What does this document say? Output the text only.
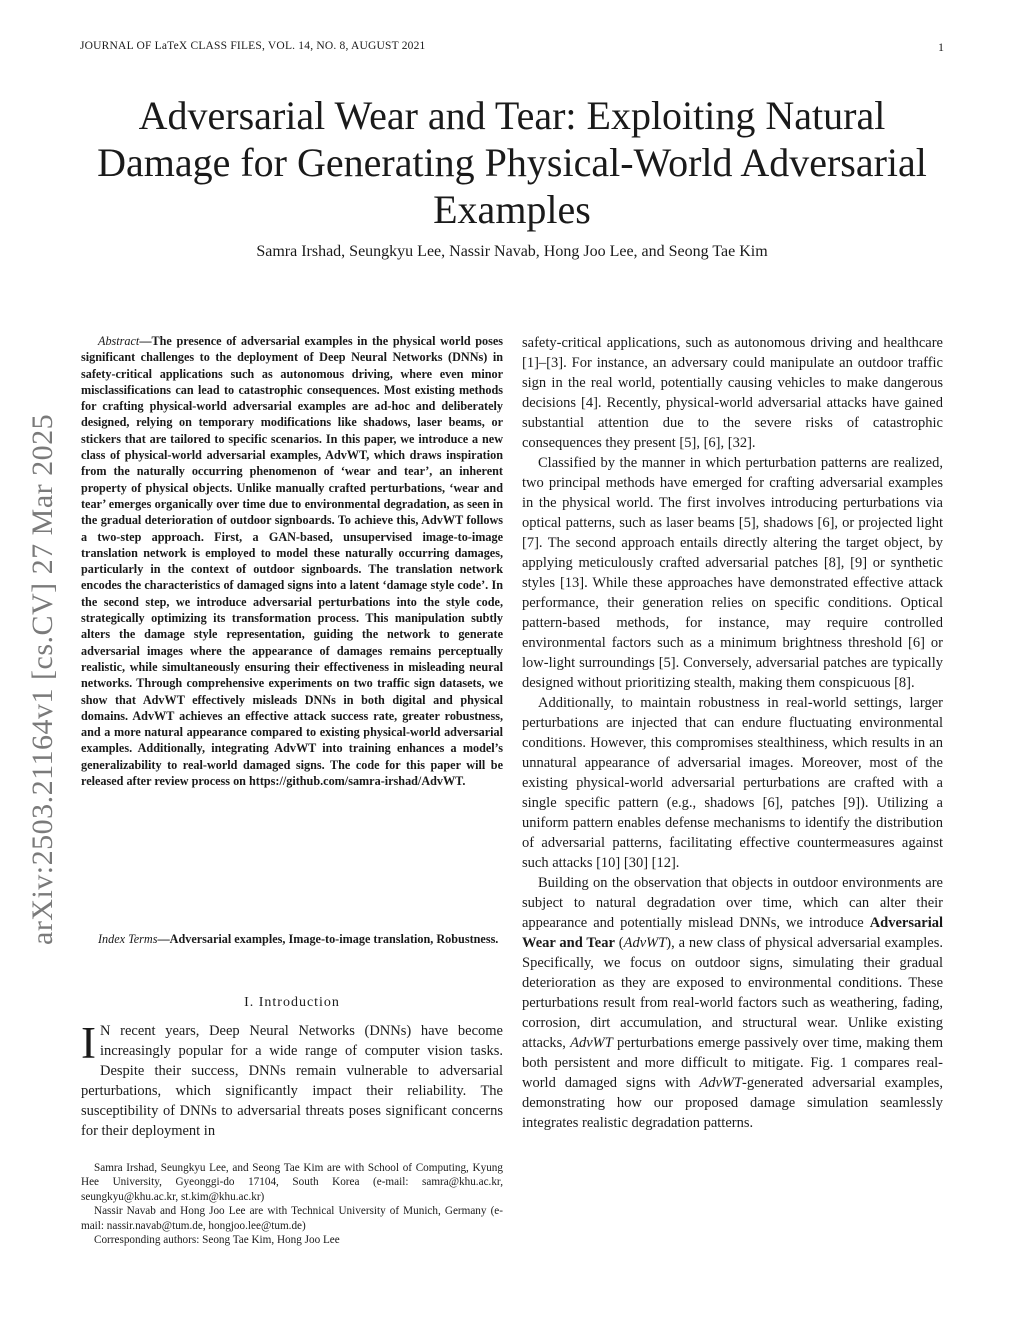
JOURNAL OF LaTeX CLASS FILES, VOL. 14, NO. 8, AUGUST 2021	1
arXiv:2503.21164v1 [cs.CV] 27 Mar 2025
Adversarial Wear and Tear: Exploiting Natural Damage for Generating Physical-World Adversarial Examples
Samra Irshad, Seungkyu Lee, Nassir Navab, Hong Joo Lee, and Seong Tae Kim

Abstract—The presence of adversarial examples in the physical world poses significant challenges to the deployment of Deep Neural Networks (DNNs) in safety-critical applications such as autonomous driving, where even minor misclassifications can lead to catastrophic consequences. Most existing methods for crafting physical-world adversarial examples are ad-hoc and deliberately designed, relying on temporary modifications like shadows, laser beams, or stickers that are tailored to specific scenarios. In this paper, we introduce a new class of physical-world adversarial examples, AdvWT, which draws inspiration from the naturally occurring phenomenon of ‘wear and tear’, an inherent property of physical objects. Unlike manually crafted perturbations, ‘wear and tear’ emerges organically over time due to environmental degradation, as seen in the gradual deterioration of outdoor signboards. To achieve this, AdvWT follows a two-step approach. First, a GAN-based, unsupervised image-to-image translation network is employed to model these naturally occurring damages, particularly in the context of outdoor signboards. The translation network encodes the characteristics of damaged signs into a latent ‘damage style code’. In the second step, we introduce adversarial perturbations into the style code, strategically optimizing its transformation process. This manipulation subtly alters the damage style representation, guiding the network to generate adversarial images where the appearance of damages remains perceptually realistic, while simultaneously ensuring their effectiveness in misleading neural networks. Through comprehensive experiments on two traffic sign datasets, we show that AdvWT effectively misleads DNNs in both digital and physical domains. AdvWT achieves an effective attack success rate, greater robustness, and a more natural appearance compared to existing physical-world adversarial examples. Additionally, integrating AdvWT into training enhances a model’s generalizability to real-world damaged signs. The code for this paper will be released after review process on https://github.com/samra-irshad/AdvWT.

Index Terms—Adversarial examples, Image-to-image translation, Robustness.

I. Introduction

I N recent years, Deep Neural Networks (DNNs) have become increasingly popular for a wide range of computer vision tasks. Despite their success, DNNs remain vulnerable to adversarial perturbations, which significantly impact their reliability. The susceptibility of DNNs to adversarial threats poses significant concerns for their deployment in

Samra Irshad, Seungkyu Lee, and Seong Tae Kim are with School of Computing, Kyung Hee University, Gyeonggi-do 17104, South Korea (e-mail: samra@khu.ac.kr, seungkyu@khu.ac.kr, st.kim@khu.ac.kr)

Nassir Navab and Hong Joo Lee are with Technical University of Munich, Germany (e-mail: nassir.navab@tum.de, hongjoo.lee@tum.de)

Corresponding authors: Seong Tae Kim, Hong Joo Lee

safety-critical applications, such as autonomous driving and healthcare [1]–[3]. For instance, an adversary could manipulate an outdoor traffic sign in the real world, potentially causing vehicles to make dangerous decisions [4]. Recently, physical-world adversarial attacks have gained substantial attention due to the severe risks of catastrophic consequences they present [5], [6], [32].

Classified by the manner in which perturbation patterns are realized, two principal methods have emerged for crafting adversarial examples in the physical world. The first involves introducing perturbations via optical patterns, such as laser beams [5], shadows [6], or projected light [7]. The second approach entails directly altering the target object, by applying meticulously crafted adversarial patches [8], [9] or synthetic styles [13]. While these approaches have demonstrated effective attack performance, their generation relies on specific conditions. Optical pattern-based methods, for instance, may require controlled environmental factors such as a minimum brightness threshold [6] or low-light surroundings [5]. Conversely, adversarial patches are typically designed without prioritizing stealth, making them conspicuous [8].

Additionally, to maintain robustness in real-world settings, larger perturbations are injected that can endure fluctuating environmental conditions. However, this compromises stealthiness, which results in an unnatural appearance of adversarial images. Moreover, most of the existing physical-world adversarial perturbations are crafted with a single specific pattern (e.g., shadows [6], patches [9]). Utilizing a uniform pattern enables defense mechanisms to identify the distribution of adversarial patterns, facilitating effective countermeasures against such attacks [10] [30] [12].

Building on the observation that objects in outdoor environments are subject to natural degradation over time, which can alter their appearance and potentially mislead DNNs, we introduce Adversarial Wear and Tear (AdvWT), a new class of physical adversarial examples. Specifically, we focus on outdoor signs, simulating their gradual deterioration as they are exposed to environmental conditions. These perturbations result from real-world factors such as weathering, fading, corrosion, dirt accumulation, and structural wear. Unlike existing attacks, AdvWT perturbations emerge passively over time, making them both persistent and more difficult to mitigate. Fig. 1 compares real-world damaged signs with AdvWT-generated adversarial examples, demonstrating how our proposed damage simulation seamlessly integrates realistic degradation patterns.
